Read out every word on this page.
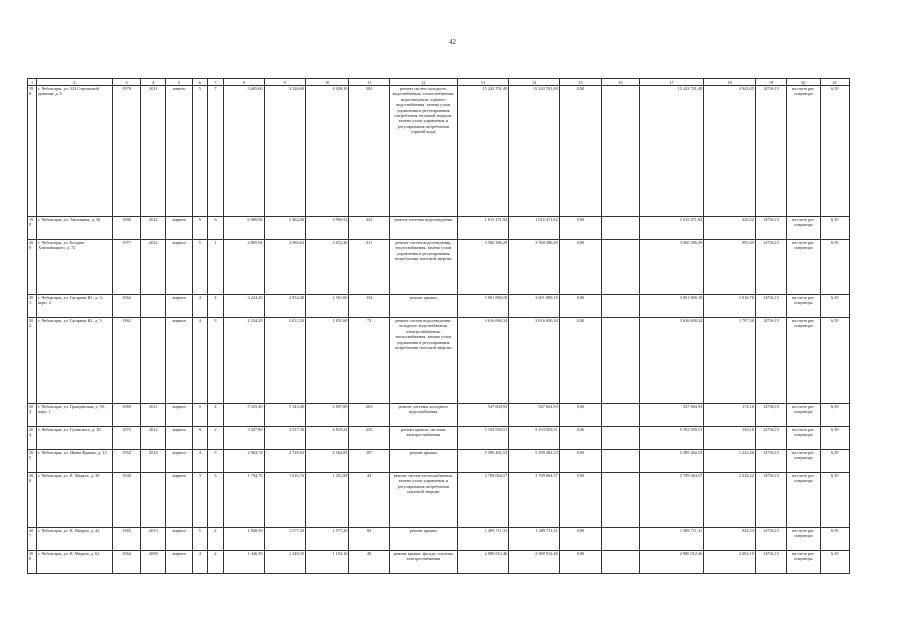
42
1	2	3	4	5	6	7	8	9	10	11	12	13	14	15	16	17	18	19	20	21
198	г. Чебоксары, ул. 324 Стрелковой дивизии, д. 5	1978	2011	панель	5	7	5 685,60	5 326,60	4 928,10	285	ремонт систем холодного водоснабжения, теплоснабжения, водоотведения, горячего водоснабжения, замена узлов управления и регулирования потребления тепловой энергии, замена узлов управления и регулирования потребления горячей воды	15 243 701,49	15 243 701,49	0,00		15 243 701,49	2 943,05	14736,15	на счете рег. оператора	6,39
199	г. Чебоксары, ул. Аношкина, д. 36	1980	2012	кирпич	5	6	6 980,84	5 482,86	3 969,52	223	ремонт системы водоотведения	1 015 471,92	1 015 471,92	0,00		1 015 471,92	226,52	14736,15	на счете рег. оператора	6,39
200	г. Чебоксары, ул. Богдана Хмельницкого, д. 72	1977	2012	кирпич	5	1	4 895,94	3 580,64	3 672,36	311	ремонт систем водоотведения, теплоснабжения, замена узлов управления и регулирования потребления тепловой энергии	3 560 386,29	3 560 386,29	0,00		3 560 386,29	993,40	14736,15	на счете рег. оператора	6,39
201	г. Чебоксары, ул. Гагарина Ю., д. 3, корп. 2	1962		кирпич	4	4	3 224,29	2 952,40	2 561,60	154	ремонт крыши	3 001 890,18	3 001 890,18	0,00		3 001 890,18	1 016,76	14736,15	на счете рег. оператора	6,39
202	г. Чебоксары, ул. Гагарина Ю., д. 5	1962		кирпич	4	3	2 234,29	2 012,20	1 831,60	72	ремонт систем водоотведения, холодного водоснабжения, электроснабжения, теплоснабжения, замена узлов управления и регулирования потребления тепловой энергии	3 616 690,34	3 616 690,34	0,00		3 616 690,34	1 797,38	14736,15	на счете рег. оператора	6,39
203	г. Чебоксары, ул. Гражданская, д. 93, корп. 1	1969	2011	кирпич	5	4	5 525,40	5 143,40	2 807,80	203	ремонт системы холодного водоснабжения	547 604,93	547 604,93	0,00		547 604,93	174,10	14736,15	на счете рег. оператора	6,39
204	г. Чебоксары, ул. Гузовского, д. 30	1975	2012	кирпич	9	2	3 927,80	3 537,36	4 819,22	235	ремонт крыши, системы электроснабжения	5 193 959,51	5 193 959,51	0,00		5 193 959,51	156,18	14736,15	на счете рег. оператора	6,39
205	г. Чебоксары, ул. Ивана Франко, д. 13	1952	2014	кирпич	4	3	2 963,74	2 728,84	2 564,85	107	ремонт крыши	5 399 482,53	5 399 482,53	0,00		5 399 482,53	1 242,46	14736,15	на счете рег. оператора	6,39
206	г. Чебоксары, ул. К. Маркса, д. 38	1940		кирпич	3	3	1 794,70	1 616,70	1 451,89	44	ремонт систем теплоснабжения, замена узлов управления и регулирования потребления тепловой энергии	3 709 064,57	3 709 064,57	0,00		3 709 064,57	2 234,22	14736,15	на счете рег. оператора	6,39
207	г. Чебоксары, ул. К. Маркса, д. 42	1965	2013	кирпич	5	2	1 848,50	1 577,20	1 577,20	82	ремонт крыши	1 489 711,31	1 489 711,31	0,00		1 489 711,31	944,53	14736,15	на счете рег. оператора	6,39
208	г. Чебоксары, ул. К. Маркса, д. 62	1964	2009	кирпич	4	2	1 446,59	1 248,50	1 194,10	49	ремонт крыши, фасада, системы электроснабжения	2 980 912,46	2 980 912,46	0,00		2 980 912,46	2 292,10	14736,15	на счете рег. оператора	6,39
